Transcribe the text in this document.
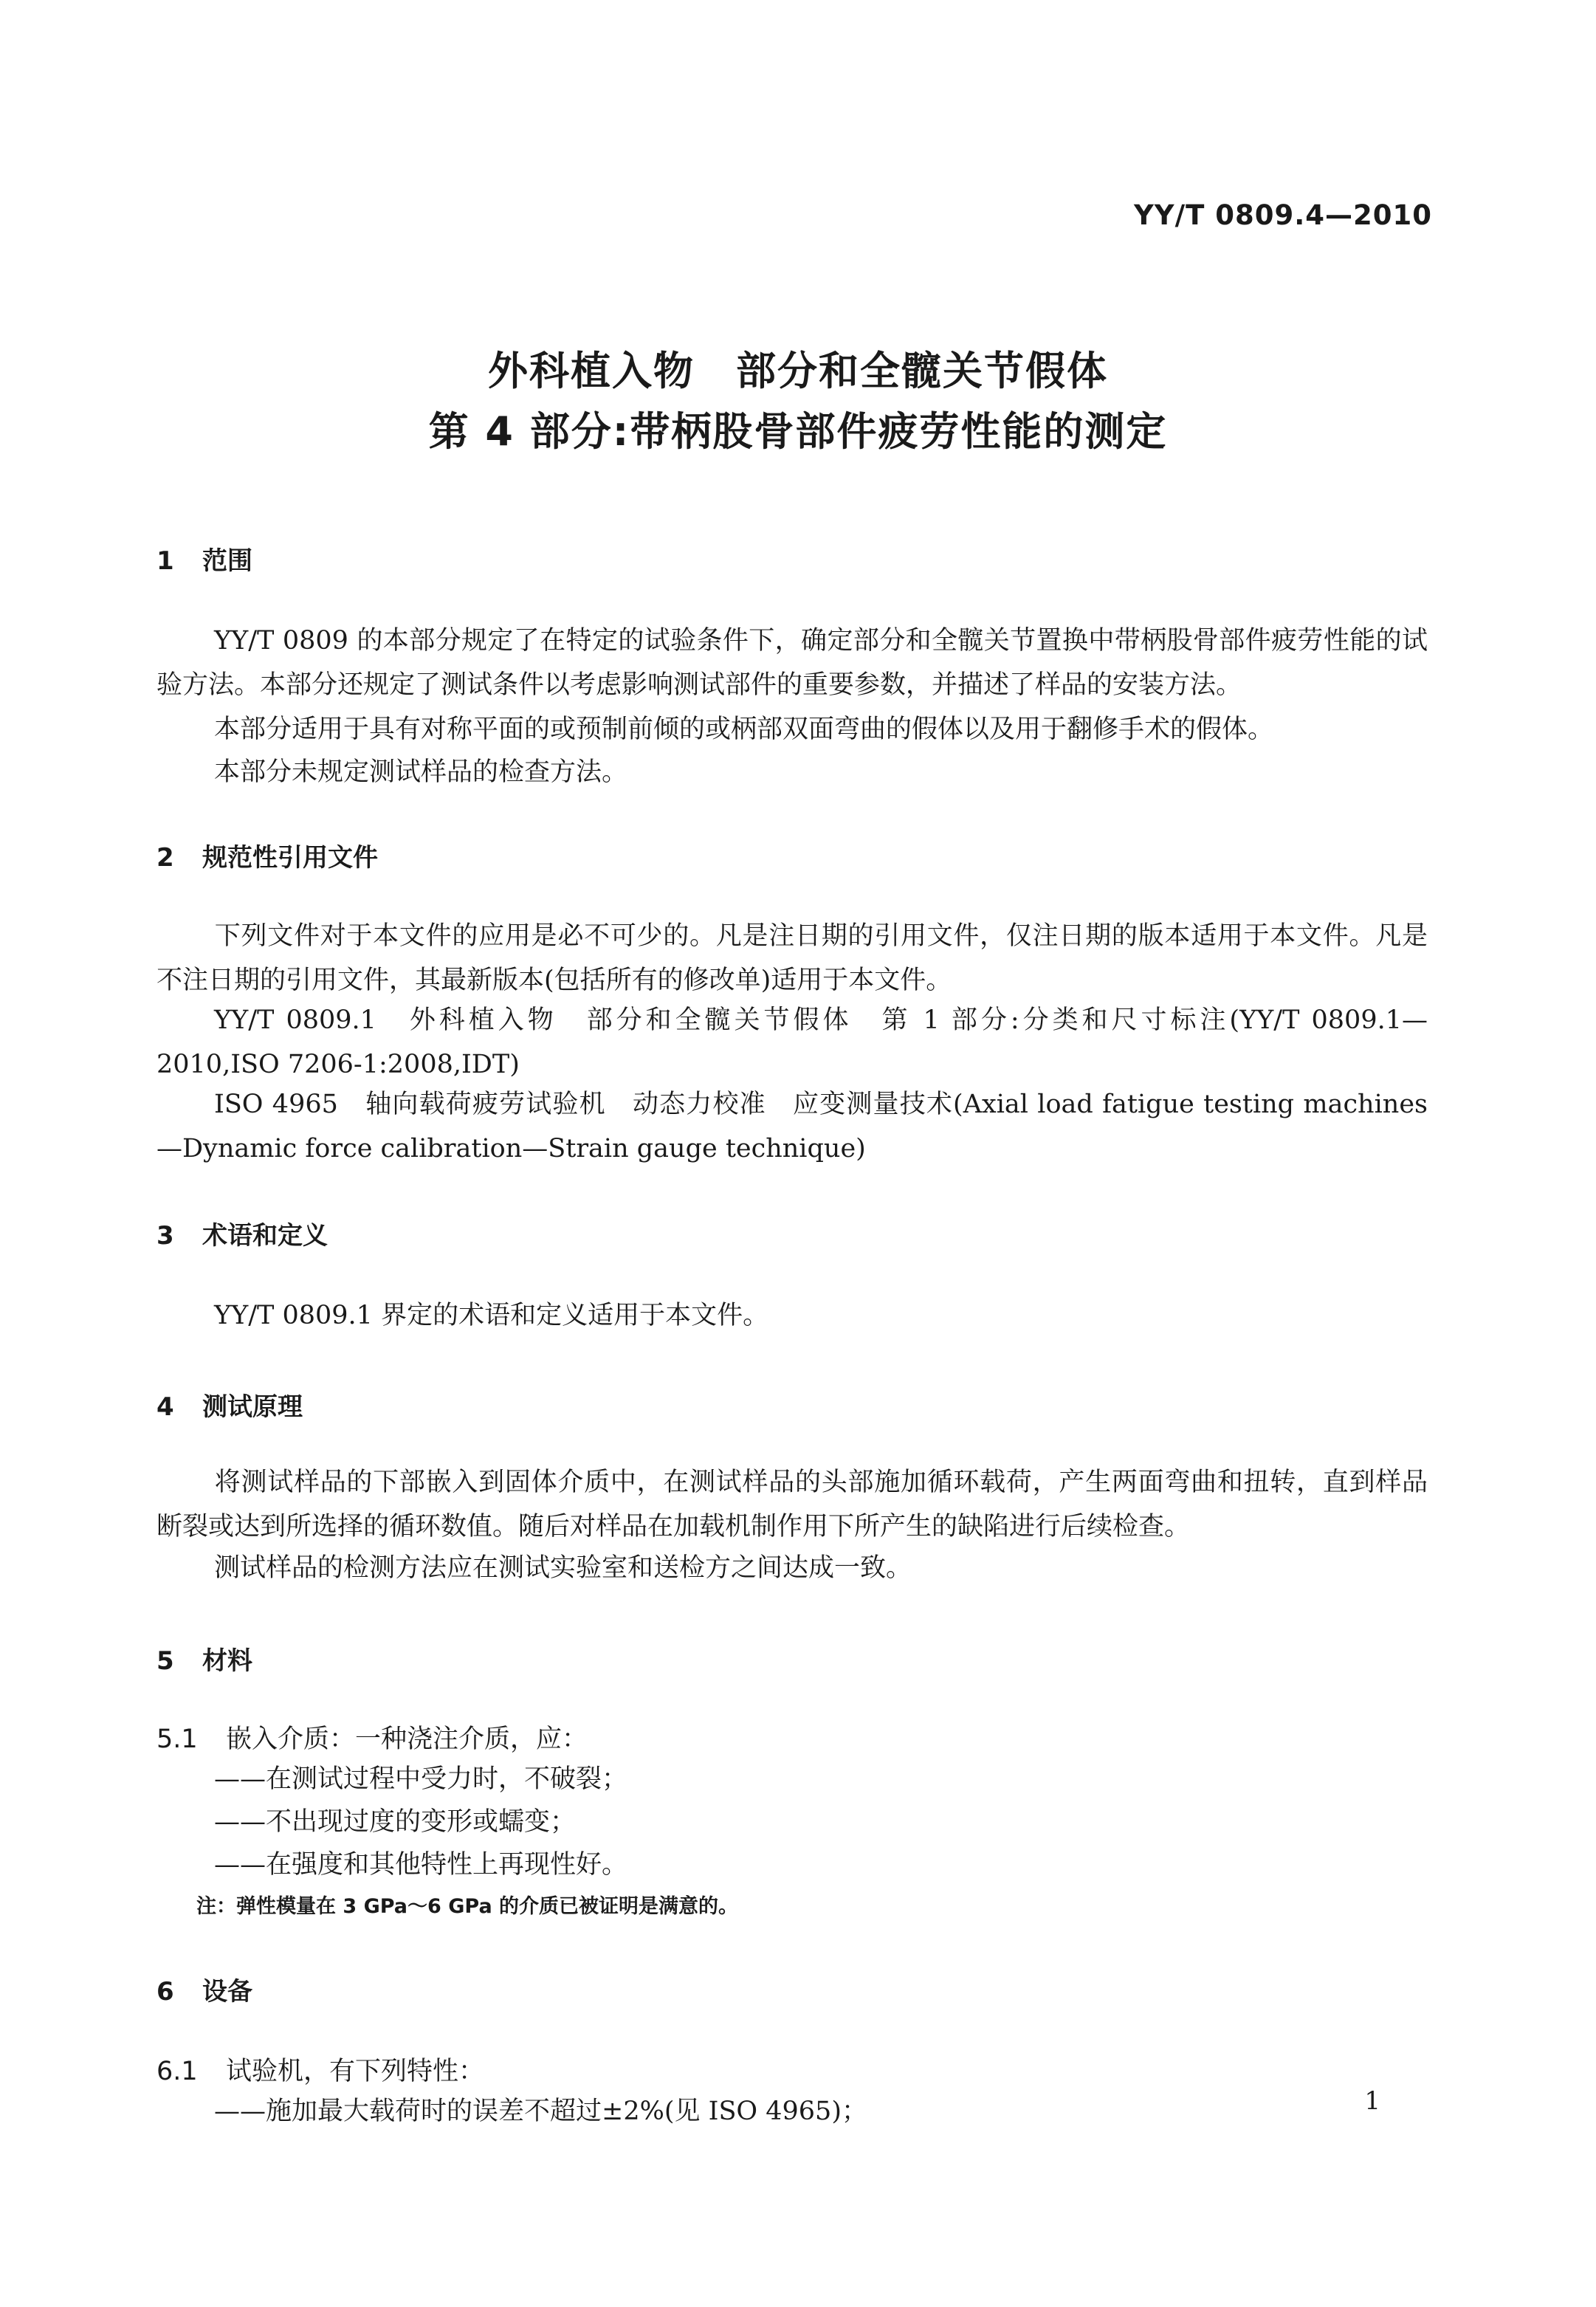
YY/T 0809.4—2010
外科植入物　部分和全髋关节假体
第 4 部分:带柄股骨部件疲劳性能的测定
1 范围
YY/T 0809 的本部分规定了在特定的试验条件下，确定部分和全髋关节置换中带柄股骨部件疲劳性能的试验方法。本部分还规定了测试条件以考虑影响测试部件的重要参数，并描述了样品的安装方法。
本部分适用于具有对称平面的或预制前倾的或柄部双面弯曲的假体以及用于翻修手术的假体。
本部分未规定测试样品的检查方法。
2 规范性引用文件
下列文件对于本文件的应用是必不可少的。凡是注日期的引用文件，仅注日期的版本适用于本文件。凡是不注日期的引用文件，其最新版本(包括所有的修改单)适用于本文件。
YY/T 0809.1　外科植入物　部分和全髋关节假体　第 1 部分:分类和尺寸标注(YY/T 0809.1—2010,ISO 7206-1:2008,IDT)
ISO 4965　轴向载荷疲劳试验机　动态力校准　应变测量技术(Axial load fatigue testing machines—Dynamic force calibration—Strain gauge technique)
3 术语和定义
YY/T 0809.1 界定的术语和定义适用于本文件。
4 测试原理
将测试样品的下部嵌入到固体介质中，在测试样品的头部施加循环载荷，产生两面弯曲和扭转，直到样品断裂或达到所选择的循环数值。随后对样品在加载机制作用下所产生的缺陷进行后续检查。
测试样品的检测方法应在测试实验室和送检方之间达成一致。
5 材料
5.1 嵌入介质：一种浇注介质，应：
——在测试过程中受力时，不破裂；
——不出现过度的变形或蠕变；
——在强度和其他特性上再现性好。
注：弹性模量在 3 GPa～6 GPa 的介质已被证明是满意的。
6 设备
6.1 试验机，有下列特性：
——施加最大载荷时的误差不超过±2%(见 ISO 4965)；	1
